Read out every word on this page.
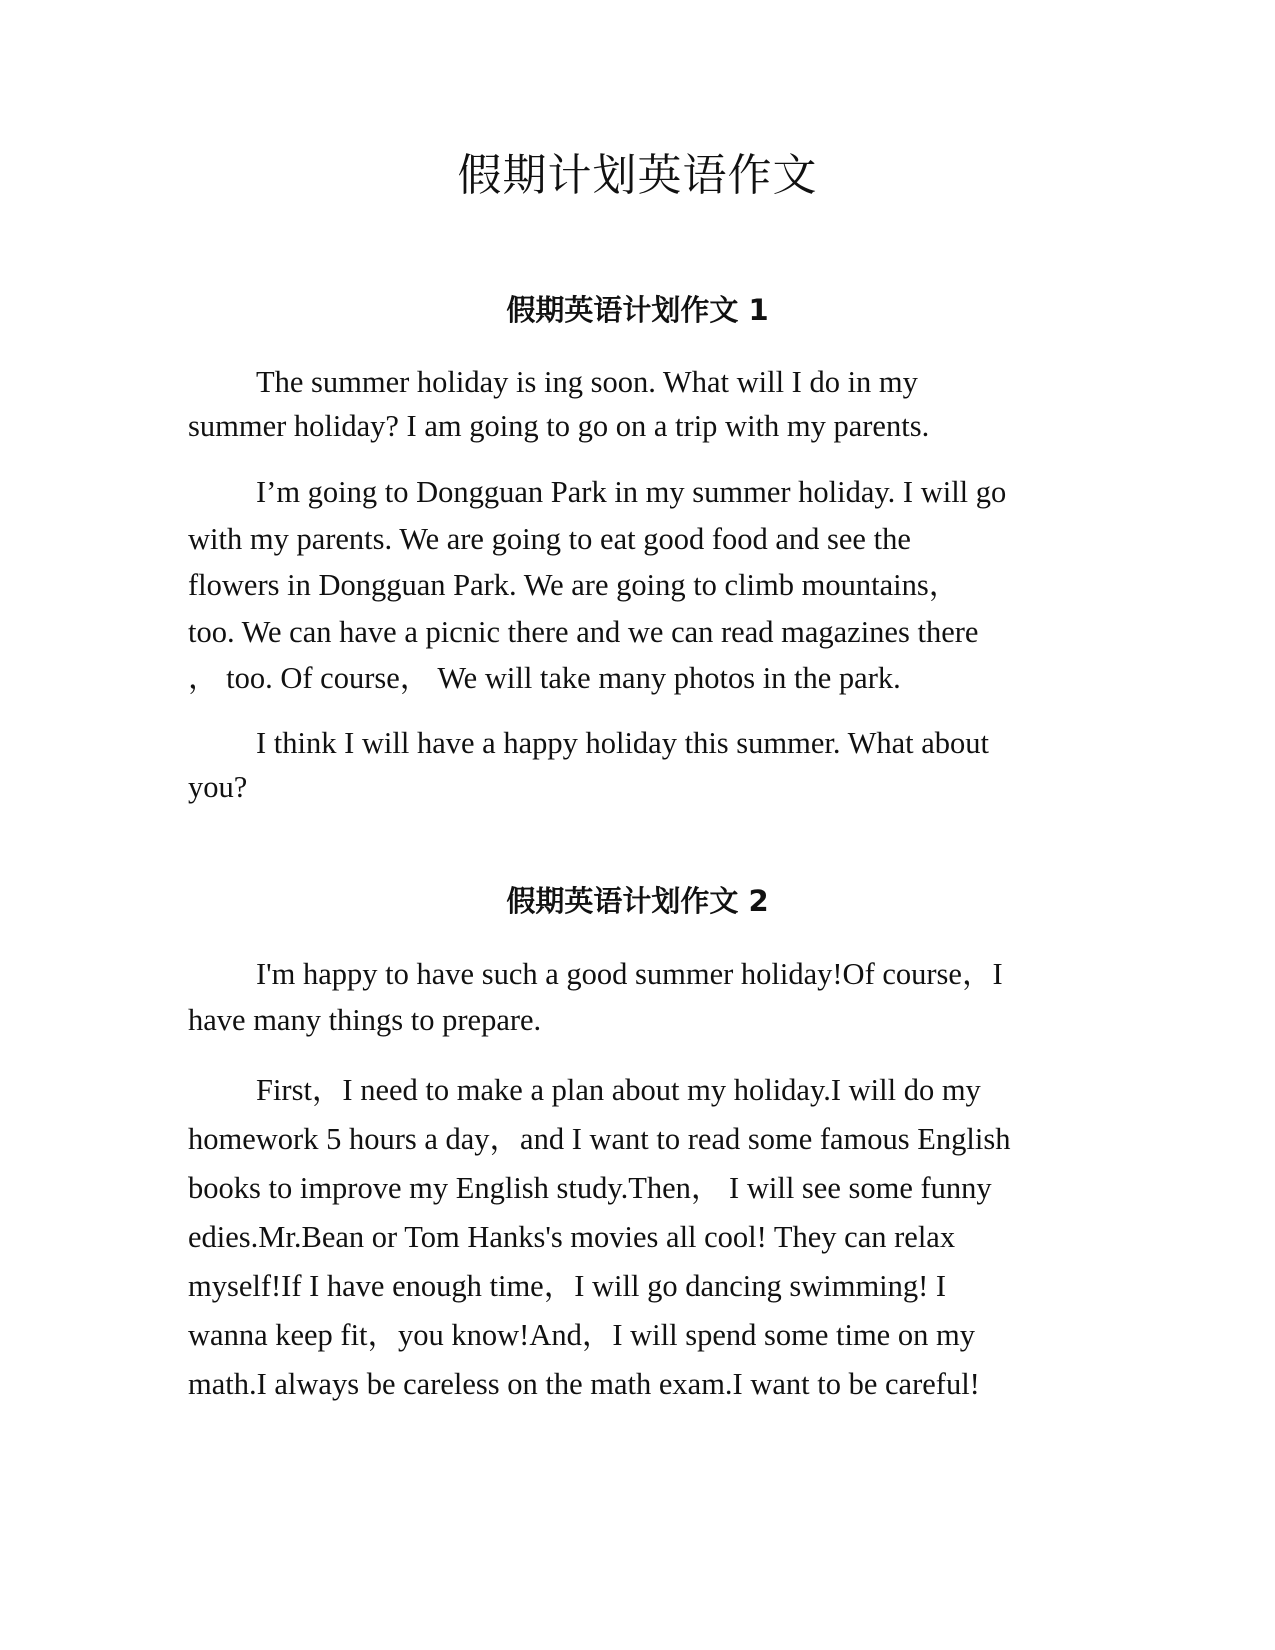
假期计划英语作文
假期英语计划作文 1

The summer holiday is ing soon. What will I do in my
summer holiday? I am going to go on a trip with my parents.

I’m going to Dongguan Park in my summer holiday. I will go
with my parents. We are going to eat good food and see the
flowers in Dongguan Park. We are going to climb mountains，
too. We can have a picnic there and we can read magazines there
， too. Of course， We will take many photos in the park.

I think I will have a happy holiday this summer. What about
you?

假期英语计划作文 2

I'm happy to have such a good summer holiday!Of course，I
have many things to prepare.

First，I need to make a plan about my holiday.I will do my
homework 5 hours a day，and I want to read some famous English
books to improve my English study.Then， I will see some funny
edies.Mr.Bean or Tom Hanks's movies all cool! They can relax
myself!If I have enough time，I will go dancing swimming! I
wanna keep fit，you know!And，I will spend some time on my
math.I always be careless on the math exam.I want to be careful!
